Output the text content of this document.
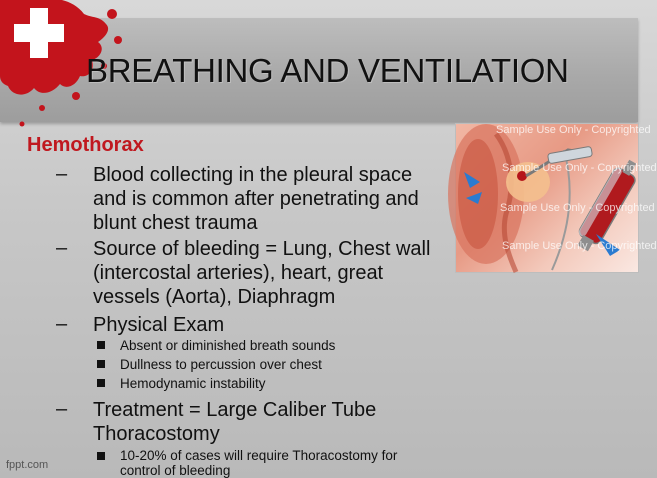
BREATHING AND VENTILATION
Hemothorax
– Blood collecting in the pleural space
and is common after penetrating and
blunt chest trauma
– Source of bleeding = Lung, Chest wall
(intercostal arteries), heart, great
vessels (Aorta), Diaphragm
– Physical Exam
Absent or diminished breath sounds
Dullness to percussion over chest
Hemodynamic instability
– Treatment = Large Caliber Tube
Thoracostomy
10-20% of cases will require Thoracostomy for
control of bleeding
Sample Use Only - Copyrighted
Sample Use Only - Copyrighted
Sample Use Only - Copyrighted
Sample Use Only - Copyrighted
fppt.com
